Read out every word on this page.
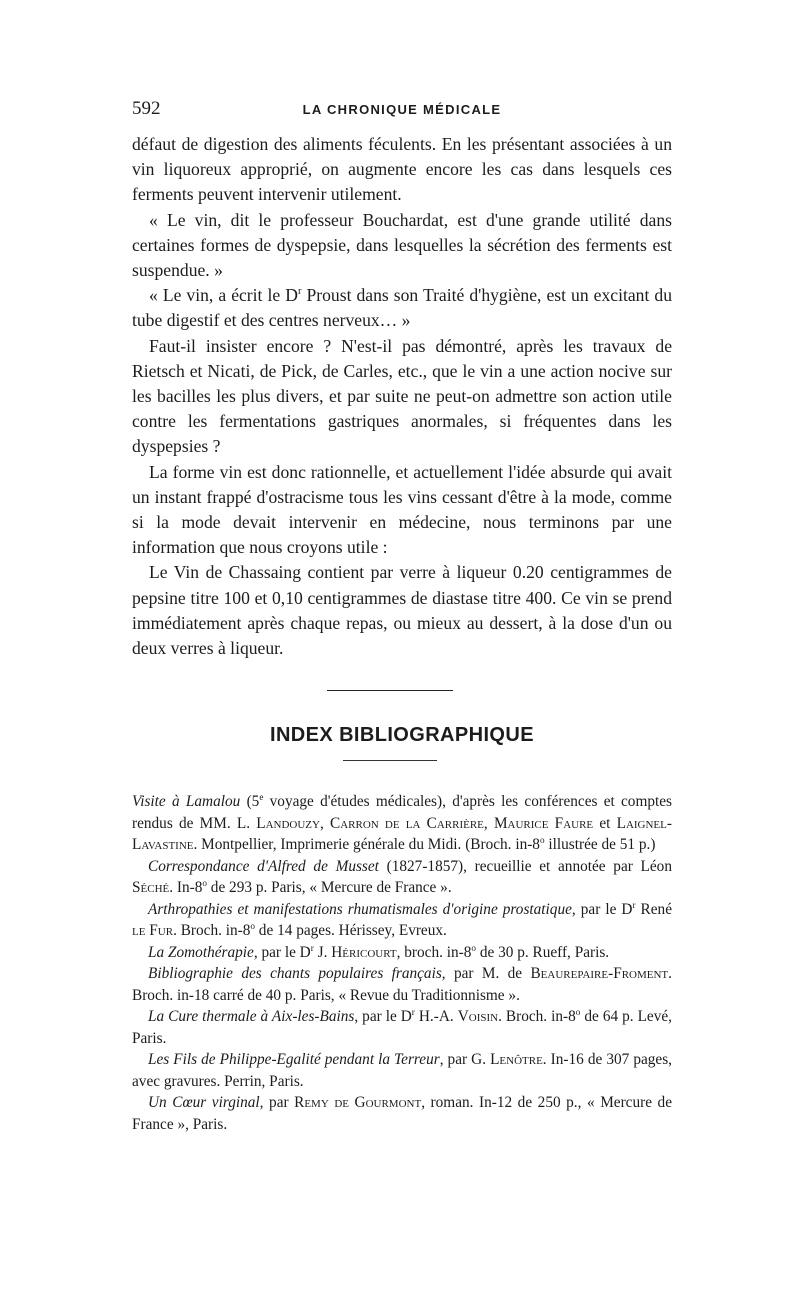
592	LA CHRONIQUE MÉDICALE

défaut de digestion des aliments féculents. En les présentant associées à un vin liquoreux approprié, on augmente encore les cas dans lesquels ces ferments peuvent intervenir utilement.

« Le vin, dit le professeur Bouchardat, est d'une grande utilité dans certaines formes de dyspepsie, dans lesquelles la sécrétion des ferments est suspendue. »

« Le vin, a écrit le $D^r$ Proust dans son Traité d'hygiène, est un excitant du tube digestif et des centres nerveux… »

Faut-il insister encore ? N'est-il pas démontré, après les travaux de Rietsch et Nicati, de Pick, de Carles, etc., que le vin a une action nocive sur les bacilles les plus divers, et par suite ne peut-on admettre son action utile contre les fermentations gastriques anormales, si fréquentes dans les dyspepsies ?

La forme vin est donc rationnelle, et actuellement l'idée absurde qui avait un instant frappé d'ostracisme tous les vins cessant d'être à la mode, comme si la mode devait intervenir en médecine, nous terminons par une information que nous croyons utile :

Le Vin de Chassaing contient par verre à liqueur 0.20 centigrammes de pepsine titre 100 et 0,10 centigrammes de diastase titre 400. Ce vin se prend immédiatement après chaque repas, ou mieux au dessert, à la dose d'un ou deux verres à liqueur.

INDEX BIBLIOGRAPHIQUE

Visite à Lamalou (5e voyage d'études médicales), d'après les conférences et comptes rendus de MM. L. Landouzy, Carron de la Carrière, Maurice Faure et Laignel-Lavastine. Montpellier, Imprimerie générale du Midi. (Broch. in-8$^o$ illustrée de 51 p.)

Correspondance d'Alfred de Musset (1827-1857), recueillie et annotée par Léon Séché. In-8$^o$ de 293 p. Paris, « Mercure de France ».

Arthropathies et manifestations rhumatismales d'origine prostatique, par le $D^r$ René le Fur. Broch. in-8$^o$ de 14 pages. Hérissey, Evreux.

La Zomothérapie, par le $D^r$ J. Héricourt, broch. in-8$^o$ de 30 p. Rueff, Paris.

Bibliographie des chants populaires français, par M. de Beaurepaire-Froment. Broch. in-18 carré de 40 p. Paris, « Revue du Traditionnisme ».

La Cure thermale à Aix-les-Bains, par le $D^r$ H.-A. Voisin. Broch. in-8$^o$ de 64 p. Levé, Paris.

Les Fils de Philippe-Egalité pendant la Terreur, par G. Lenôtre. In-16 de 307 pages, avec gravures. Perrin, Paris.

Un Cœur virginal, par Remy de Gourmont, roman. In-12 de 250 p., « Mercure de France », Paris.
